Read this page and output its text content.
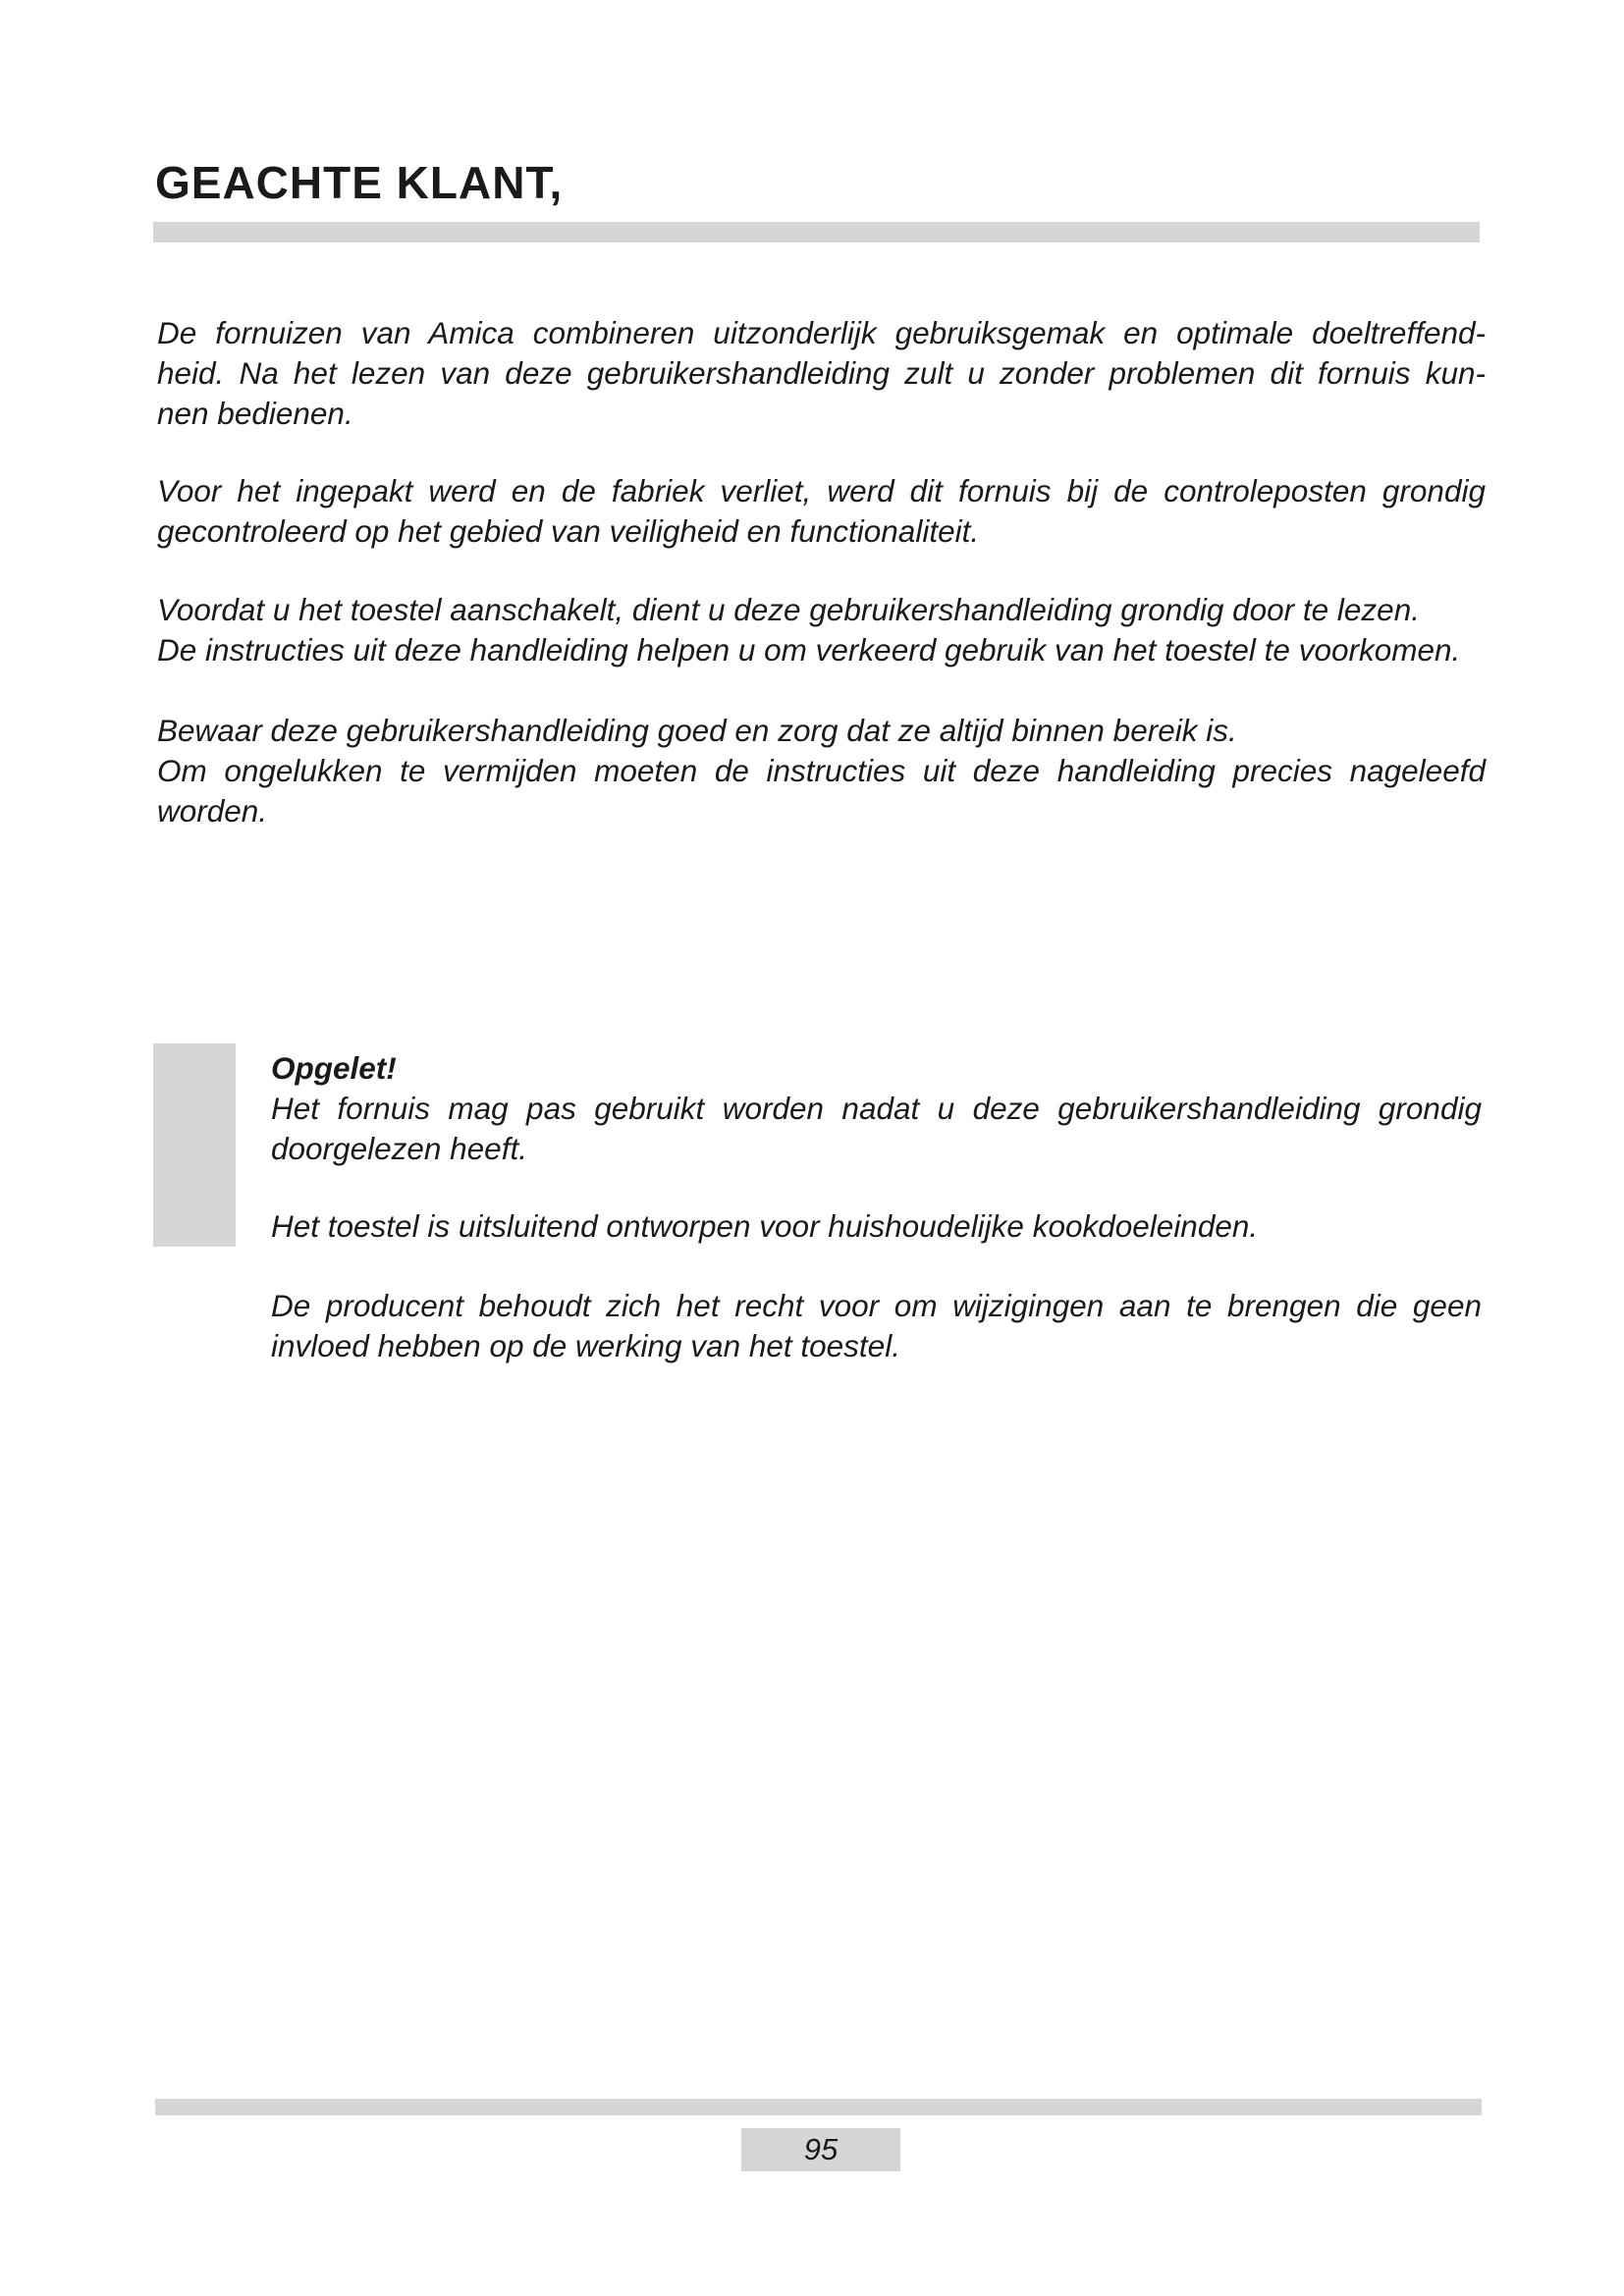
GEACHTE KLANT,
De fornuizen van Amica combineren uitzonderlijk gebruiksgemak en optimale doeltreffend-
heid. Na het lezen van deze gebruikershandleiding zult u zonder problemen dit fornuis kun-
nen bedienen.
Voor het ingepakt werd en de fabriek verliet, werd dit fornuis bij de controleposten grondig
gecontroleerd op het gebied van veiligheid en functionaliteit.
Voordat u het toestel aanschakelt, dient u deze gebruikershandleiding grondig door te lezen.
De instructies uit deze handleiding helpen u om verkeerd gebruik van het toestel te voorkomen.
Bewaar deze gebruikershandleiding goed en zorg dat ze altijd binnen bereik is.
Om ongelukken te vermijden moeten de instructies uit deze handleiding precies nageleefd
worden.
Opgelet!
Het fornuis mag pas gebruikt worden nadat u deze gebruikershandleiding grondig
doorgelezen heeft.
Het toestel is uitsluitend ontworpen voor huishoudelijke kookdoeleinden.
De producent behoudt zich het recht voor om wijzigingen aan te brengen die geen
invloed hebben op de werking van het toestel.
95
